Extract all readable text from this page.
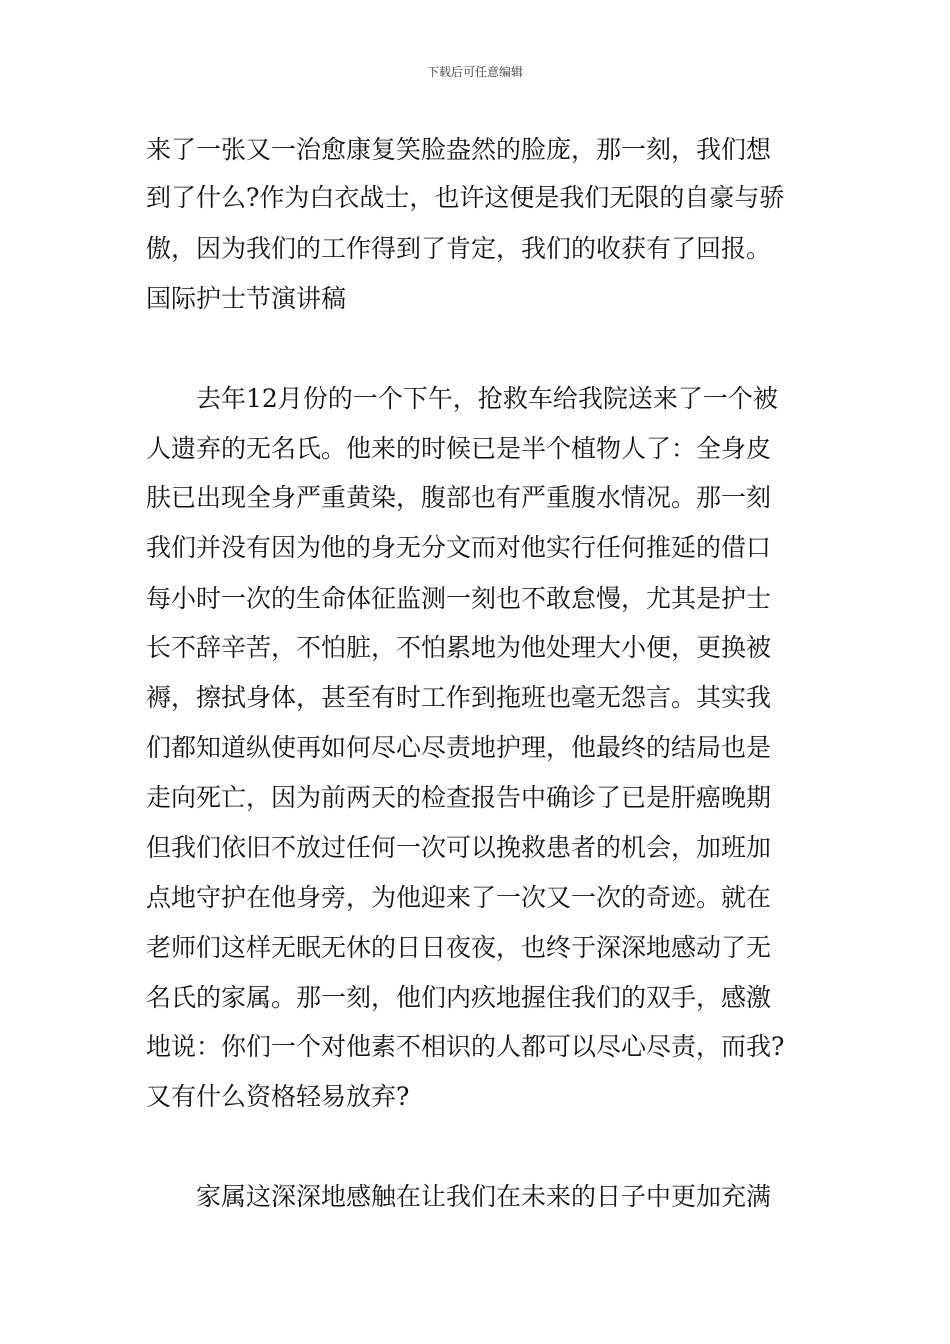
下载后可任意编辑
来了一张又一治愈康复笑脸盎然的脸庞，那一刻，我们想
到了什么?作为白衣战士，也许这便是我们无限的自豪与骄
傲，因为我们的工作得到了肯定，我们的收获有了回报。
国际护士节演讲稿
去年12月份的一个下午，抢救车给我院送来了一个被
人遗弃的无名氏。他来的时候已是半个植物人了：全身皮
肤已出现全身严重黄染，腹部也有严重腹水情况。那一刻
我们并没有因为他的身无分文而对他实行任何推延的借口
每小时一次的生命体征监测一刻也不敢怠慢，尤其是护士
长不辞辛苦，不怕脏，不怕累地为他处理大小便，更换被
褥，擦拭身体，甚至有时工作到拖班也毫无怨言。其实我
们都知道纵使再如何尽心尽责地护理，他最终的结局也是
走向死亡，因为前两天的检查报告中确诊了已是肝癌晚期
但我们依旧不放过任何一次可以挽救患者的机会，加班加
点地守护在他身旁，为他迎来了一次又一次的奇迹。就在
老师们这样无眠无休的日日夜夜，也终于深深地感动了无
名氏的家属。那一刻，他们内疚地握住我们的双手，感激
地说：你们一个对他素不相识的人都可以尽心尽责，而我?
又有什么资格轻易放弃?
家属这深深地感触在让我们在未来的日子中更加充满
